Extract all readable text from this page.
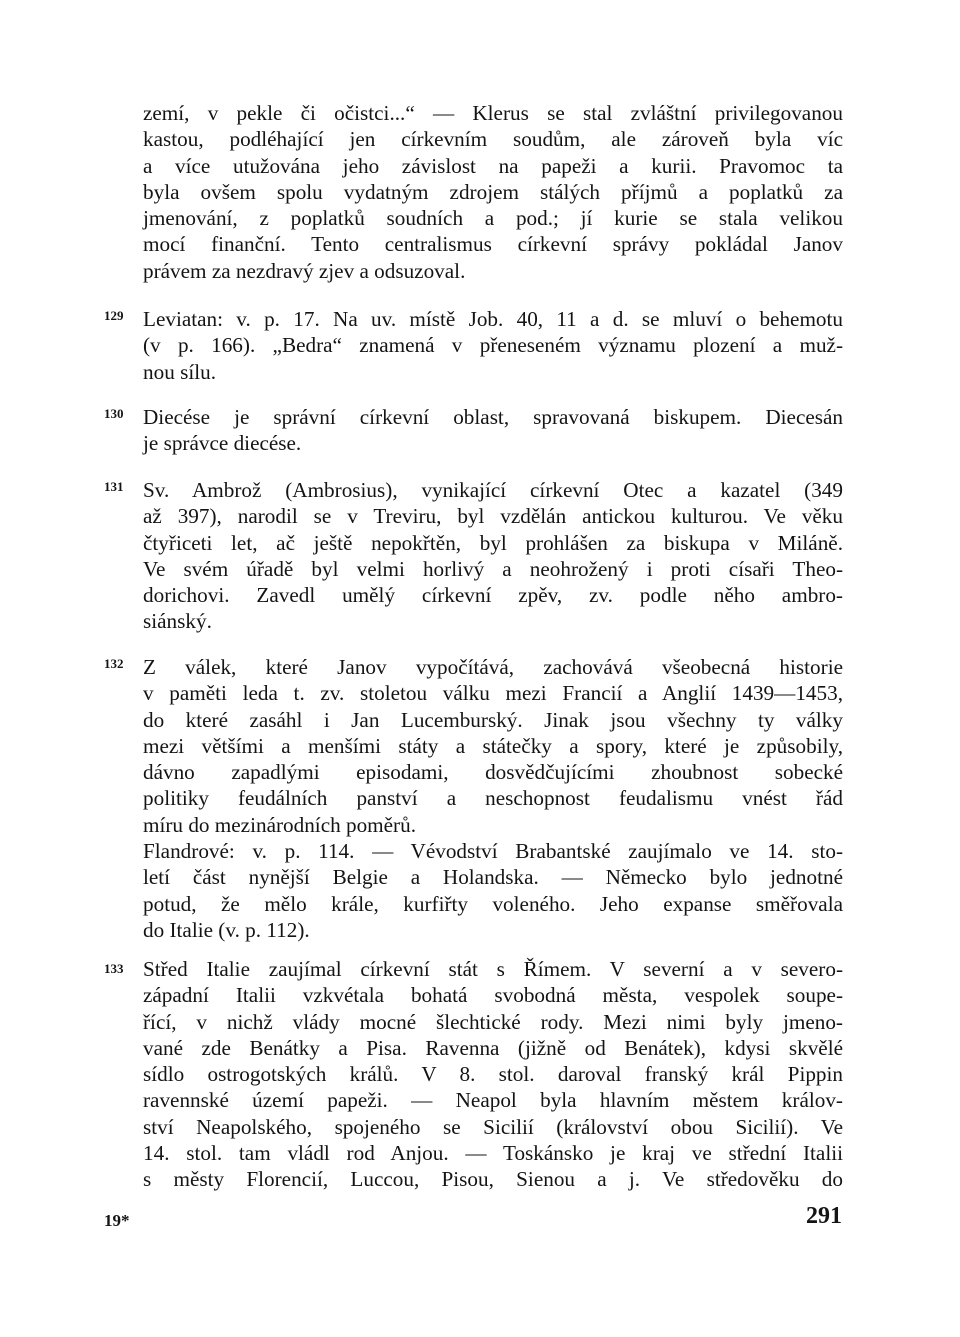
zemí, v pekle či očistci...“ — Klerus se stal zvláštní privilegovanou
kastou, podléhající jen církevním soudům, ale zároveň byla víc
a více utužována jeho závislost na papeži a kurii. Pravomoc ta
byla ovšem spolu vydatným zdrojem stálých příjmů a poplatků za
jmenování, z poplatků soudních a pod.; jí kurie se stala velikou
mocí finanční. Tento centralismus církevní správy pokládal Janov
právem za nezdravý zjev a odsuzoval.
129 Leviatan: v. p. 17. Na uv. místě Job. 40, 11 a d. se mluví o behemotu
(v p. 166). „Bedra“ znamená v přeneseném významu plození a muž-
nou sílu.
130 Diecése je správní církevní oblast, spravovaná biskupem. Diecesán
je správce diecése.
131 Sv. Ambrož (Ambrosius), vynikající církevní Otec a kazatel (349
až 397), narodil se v Treviru, byl vzdělán antickou kulturou. Ve věku
čtyřiceti let, ač ještě nepokřtěn, byl prohlášen za biskupa v Miláně.
Ve svém úřadě byl velmi horlivý a neohrožený i proti císaři Theo-
dorichovi. Zavedl umělý církevní zpěv, zv. podle něho ambro-
siánský.
132 Z válek, které Janov vypočítává, zachovává všeobecná historie
v paměti leda t. zv. stoletou válku mezi Francií a Anglií 1439—1453,
do které zasáhl i Jan Lucemburský. Jinak jsou všechny ty války
mezi většími a menšími státy a státečky a spory, které je způsobily,
dávno zapadlými episodami, dosvědčujícími zhoubnost sobecké
politiky feudálních panství a neschopnost feudalismu vnést řád
míru do mezinárodních poměrů.
Flandrové: v. p. 114. — Vévodství Brabantské zaujímalo ve 14. sto-
letí část nynější Belgie a Holandska. — Německo bylo jednotné
potud, že mělo krále, kurfiřty voleného. Jeho expanse směřovala
do Italie (v. p. 112).
133 Střed Italie zaujímal církevní stát s Římem. V severní a v severo-
západní Italii vzkvétala bohatá svobodná města, vespolek soupe-
řící, v nichž vlády mocné šlechtické rody. Mezi nimi byly jmeno-
vané zde Benátky a Pisa. Ravenna (jižně od Benátek), kdysi skvělé
sídlo ostrogotských králů. V 8. stol. daroval franský král Pippin
ravennské území papeži. — Neapol byla hlavním městem králov-
ství Neapolského, spojeného se Sicilií (království obou Sicilií). Ve
14. stol. tam vládl rod Anjou. — Toskánsko je kraj ve střední Italii
s městy Florencií, Luccou, Pisou, Sienou a j. Ve středověku do
19*	291
